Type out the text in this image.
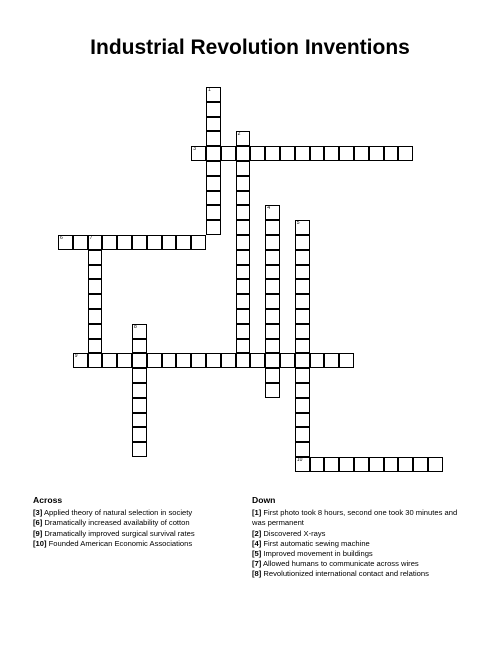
Industrial Revolution Inventions
1
2
3
4
5
10
6	7
8
9
Across
[3] Applied theory of natural selection in society
[6] Dramatically increased availability of cotton
[9] Dramatically improved surgical survival rates
[10] Founded American Economic Associations
Down
[1] First photo took 8 hours, second one took 30 minutes and was permanent
[2] Discovered X-rays
[4] First automatic sewing machine
[5] Improved movement in buildings
[7] Allowed humans to communicate across wires
[8] Revolutionized international contact and relations
